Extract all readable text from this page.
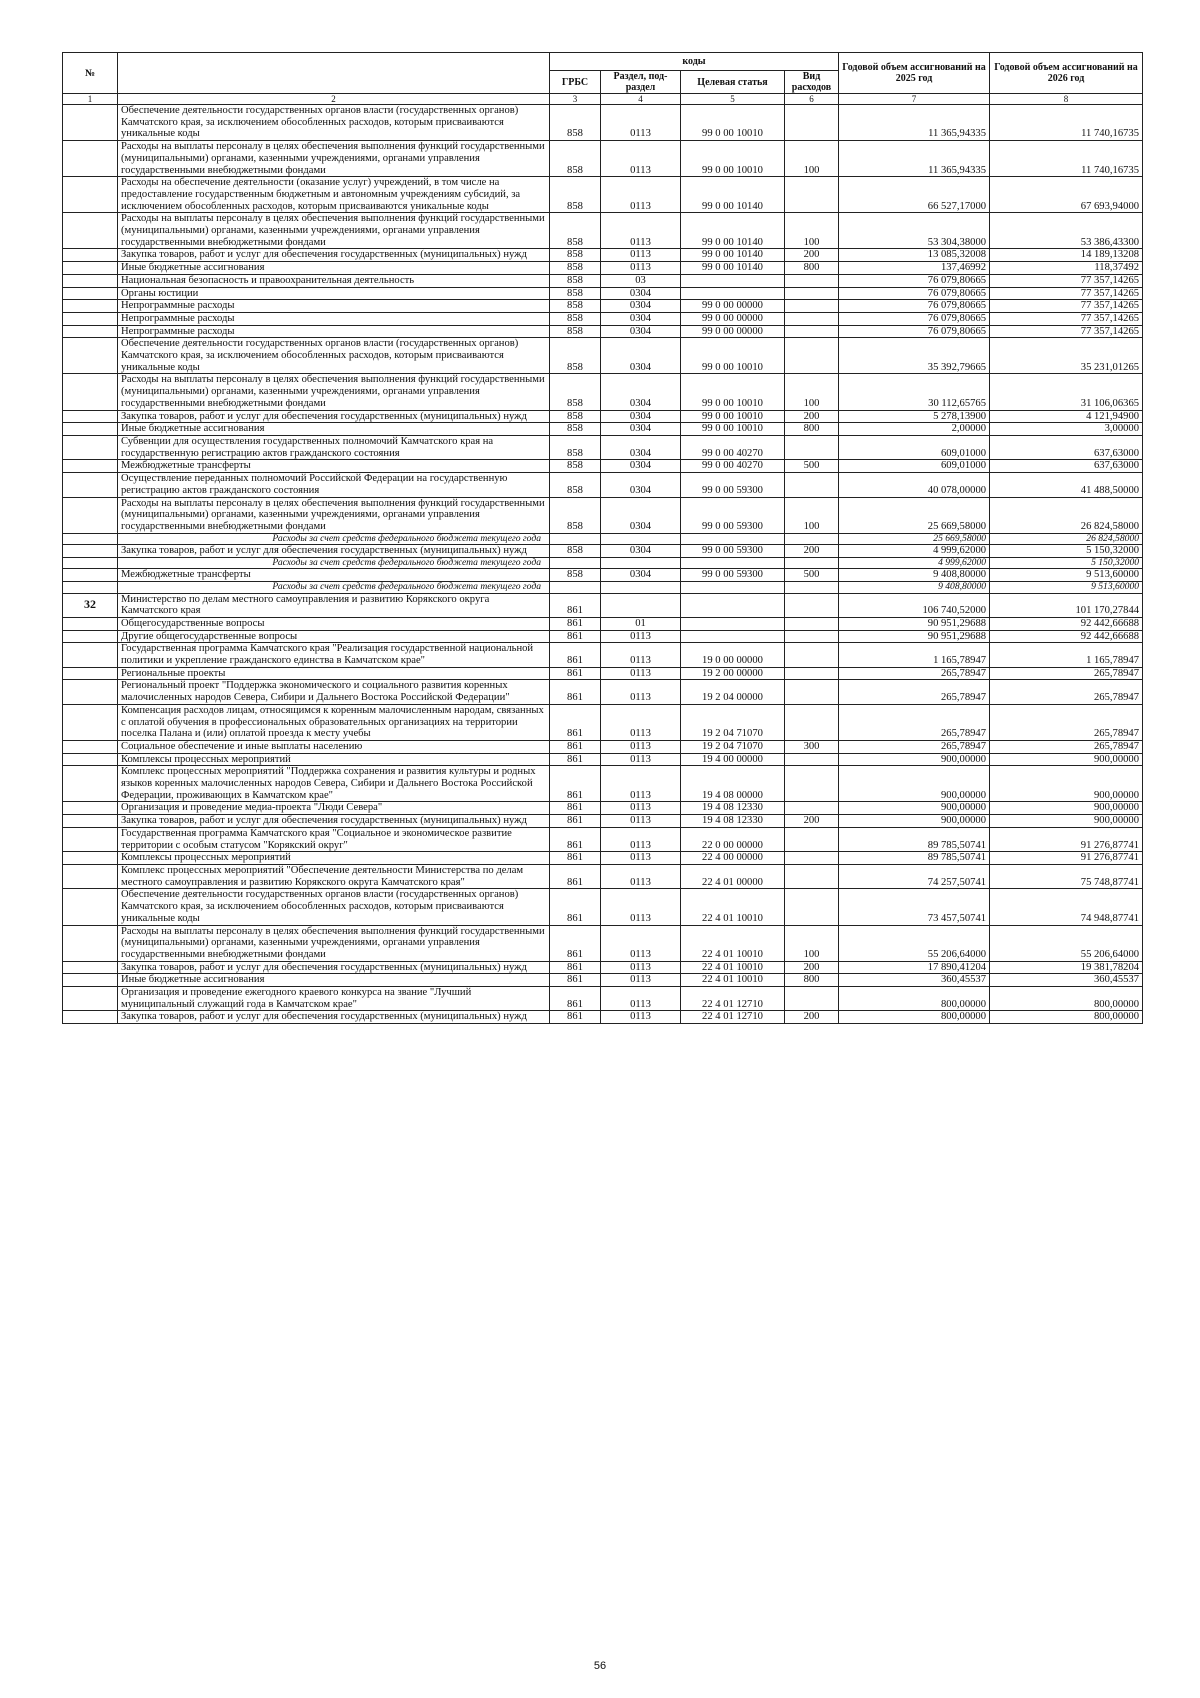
№		коды				Годовой объем ассигнований на 2025 год	Годовой объем ассигнований на 2026 год
		ГРБС	Раздел, под-раздел	Целевая статья	Вид расходов		
1	2	3	4	5	6	7	8
	Обеспечение деятельности государственных органов власти (государственных органов) Камчатского края, за исключением обособленных расходов, которым присваиваются уникальные коды	858	0113	99 0 00 10010		11 365,94335	11 740,16735
	Расходы на выплаты персоналу в целях обеспечения выполнения функций государственными (муниципальными) органами, казенными учреждениями, органами управления государственными внебюджетными фондами	858	0113	99 0 00 10010	100	11 365,94335	11 740,16735
	Расходы на обеспечение деятельности (оказание услуг) учреждений, в том числе на предоставление государственным бюджетным и автономным учреждениям субсидий, за исключением обособленных расходов, которым присваиваются уникальные коды	858	0113	99 0 00 10140		66 527,17000	67 693,94000
	Расходы на выплаты персоналу в целях обеспечения выполнения функций государственными (муниципальными) органами, казенными учреждениями, органами управления государственными внебюджетными фондами	858	0113	99 0 00 10140	100	53 304,38000	53 386,43300
	Закупка товаров, работ и услуг для обеспечения государственных (муниципальных) нужд	858	0113	99 0 00 10140	200	13 085,32008	14 189,13208
	Иные бюджетные ассигнования	858	0113	99 0 00 10140	800	137,46992	118,37492
	Национальная безопасность и правоохранительная деятельность	858	03			76 079,80665	77 357,14265
	Органы юстиции	858	0304			76 079,80665	77 357,14265
	Непрограммные расходы	858	0304	99 0 00 00000		76 079,80665	77 357,14265
	Непрограммные расходы	858	0304	99 0 00 00000		76 079,80665	77 357,14265
	Непрограммные расходы	858	0304	99 0 00 00000		76 079,80665	77 357,14265
	Обеспечение деятельности государственных органов власти (государственных органов) Камчатского края, за исключением обособленных расходов, которым присваиваются уникальные коды	858	0304	99 0 00 10010		35 392,79665	35 231,01265
	Расходы на выплаты персоналу в целях обеспечения выполнения функций государственными (муниципальными) органами, казенными учреждениями, органами управления государственными внебюджетными фондами	858	0304	99 0 00 10010	100	30 112,65765	31 106,06365
	Закупка товаров, работ и услуг для обеспечения государственных (муниципальных) нужд	858	0304	99 0 00 10010	200	5 278,13900	4 121,94900
	Иные бюджетные ассигнования	858	0304	99 0 00 10010	800	2,00000	3,00000
	Субвенции для осуществления государственных полномочий Камчатского края на государственную регистрацию актов гражданского состояния	858	0304	99 0 00 40270		609,01000	637,63000
	Межбюджетные трансферты	858	0304	99 0 00 40270	500	609,01000	637,63000
	Осуществление переданных полномочий Российской Федерации на государственную регистрацию актов гражданского состояния	858	0304	99 0 00 59300		40 078,00000	41 488,50000
	Расходы на выплаты персоналу в целях обеспечения выполнения функций государственными (муниципальными) органами, казенными учреждениями, органами управления государственными внебюджетными фондами	858	0304	99 0 00 59300	100	25 669,58000	26 824,58000
	Расходы за счет средств федерального бюджета текущего года					25 669,58000	26 824,58000
	Закупка товаров, работ и услуг для обеспечения государственных (муниципальных) нужд	858	0304	99 0 00 59300	200	4 999,62000	5 150,32000
	Расходы за счет средств федерального бюджета текущего года					4 999,62000	5 150,32000
	Межбюджетные трансферты	858	0304	99 0 00 59300	500	9 408,80000	9 513,60000
	Расходы за счет средств федерального бюджета текущего года					9 408,80000	9 513,60000
32	Министерство по делам местного самоуправления и развитию Корякского округа Камчатского края	861				106 740,52000	101 170,27844
	Общегосударственные вопросы	861	01			90 951,29688	92 442,66688
	Другие общегосударственные вопросы	861	0113			90 951,29688	92 442,66688
	Государственная программа Камчатского края "Реализация государственной национальной политики и укрепление гражданского единства в Камчатском крае"	861	0113	19 0 00 00000		1 165,78947	1 165,78947
	Региональные проекты	861	0113	19 2 00 00000		265,78947	265,78947
	Региональный проект "Поддержка экономического и социального развития коренных малочисленных народов Севера, Сибири и Дальнего Востока Российской Федерации"	861	0113	19 2 04 00000		265,78947	265,78947
	Компенсация расходов лицам, относящимся к коренным малочисленным народам, связанных с оплатой обучения в профессиональных образовательных организациях на территории поселка Палана и (или) оплатой проезда к месту учебы	861	0113	19 2 04 71070		265,78947	265,78947
	Социальное обеспечение и иные выплаты населению	861	0113	19 2 04 71070	300	265,78947	265,78947
	Комплексы процессных мероприятий	861	0113	19 4 00 00000		900,00000	900,00000
	Комплекс процессных мероприятий "Поддержка сохранения и развития культуры и родных языков коренных малочисленных народов Севера, Сибири и Дальнего Востока Российской Федерации, проживающих в Камчатском крае"	861	0113	19 4 08 00000		900,00000	900,00000
	Организация и проведение медиа-проекта "Люди Севера"	861	0113	19 4 08 12330		900,00000	900,00000
	Закупка товаров, работ и услуг для обеспечения государственных (муниципальных) нужд	861	0113	19 4 08 12330	200	900,00000	900,00000
	Государственная программа Камчатского края "Социальное и экономическое развитие территории с особым статусом "Корякский округ"	861	0113	22 0 00 00000		89 785,50741	91 276,87741
	Комплексы процессных мероприятий	861	0113	22 4 00 00000		89 785,50741	91 276,87741
	Комплекс процессных мероприятий "Обеспечение деятельности Министерства по делам местного самоуправления и развитию Корякского округа Камчатского края"	861	0113	22 4 01 00000		74 257,50741	75 748,87741
	Обеспечение деятельности государственных органов власти (государственных органов) Камчатского края, за исключением обособленных расходов, которым присваиваются уникальные коды	861	0113	22 4 01 10010		73 457,50741	74 948,87741
	Расходы на выплаты персоналу в целях обеспечения выполнения функций государственными (муниципальными) органами, казенными учреждениями, органами управления государственными внебюджетными фондами	861	0113	22 4 01 10010	100	55 206,64000	55 206,64000
	Закупка товаров, работ и услуг для обеспечения государственных (муниципальных) нужд	861	0113	22 4 01 10010	200	17 890,41204	19 381,78204
	Иные бюджетные ассигнования	861	0113	22 4 01 10010	800	360,45537	360,45537
	Организация и проведение ежегодного краевого конкурса на звание "Лучший муниципальный служащий года в Камчатском крае"	861	0113	22 4 01 12710		800,00000	800,00000
	Закупка товаров, работ и услуг для обеспечения государственных (муниципальных) нужд	861	0113	22 4 01 12710	200	800,00000	800,00000
56
